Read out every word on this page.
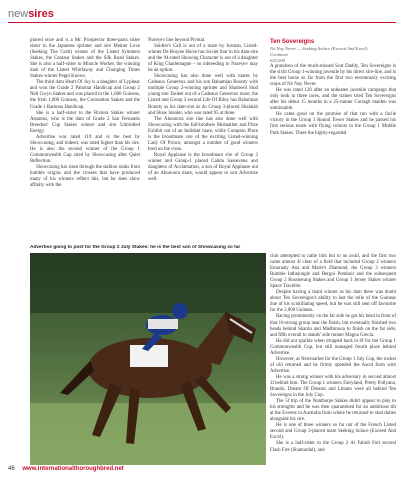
newsires

placed once and is a Mr. Prospector three-parts sister sister to the Japanese sprinter and sire Meiner Love (Seeking The Gold) winner of the Listed Symmers Stakes, the Centaur Stakes and the Silk Road Stakes. She is also a half-sister to Miracle Worker, the winning dam of the Listed Whirlaway and Chunging Times Stakes winner Peppi Knows.

The third dam Heart Of Joy is a daughter of Lyphear and won the Grade 2 Palomar Handicap and Group 2 Nell Gwyn Stakes and was placed in the 1,000 Guineas, the Irish 1,000 Guineas, the Coronation Stakes and the Grade 1 Ramona Handicap.

She is a half-sister to the Riviera Stakes winner Atsantos, who is the dam of Grade 2 San Fernando Breeders' Cup Stakes winner and sire Unbridled Energy.

Advertise was rated 119 and is the best by Showcasing, and indeed, was rated higher than his sire. He is also the second winner of the Group 1 Commonwealth Cup sired by Showcasing after Quiet Reflection.

Showcasing has risen through the stallion ranks from humble origins and the crosses that have produced many of his winners reflect this, but he does show affinity with the

Nureyev line beyond Pivotal.

Soldier's Call is out of a mare by Iceman, Listed-winner De Bruyne Horse has Soviet Star in his dam-sire and the 94-rated Showing Character is out of a daughter of King Charlemagne – so inbreeding to Nureyev may be an option.

Showcasing has also done well with mares by Cadeaux Genereux and his son Bahamian Bounty with multiple Group 2-winning sprinter and Shadwell Stud young sire Tasleet out of a Cadeaux Genereux mare, the Listed and Group 3 second Life Of Riley has Bahamian Bounty as his dam-sire as do Group 3-placed Shalaiah and Shaw Stealer, who was rated 95 at three.

The Ahonoora sire line has also done well with Showcasing with the full-brothers Mohaather and Prize Exhibit out of an Indidant mare, while Compton Place is the broodmare sire of the exciting Listed-winning Lady Of Princo, amongst a number of good winners bred on the cross.

Royal Applause is the broodmare sire of Group 2 winner and Group-1 placed Cabila Sasseveno and daughters of Acclamation, a son of Royal Applause out of an Ahonoora mare, would appear to suit Advertise well.

Ten Sovereigns
No Nay Never — Seeking Solace (Exceed And Excel)
Coolmore
€25,000

A grandson of the much-missed Scat Daddy, Ten Sovereigns is the sixth Group 1-winning juvenile by his direct sire-line, and is the best horse so far from the first two enormously exciting crops of No Nay Never.

He was rated 120 after an unbeaten juvenile campaign that only took in three races, and the trainer tried Ten Sovereigns after his debut 15 months in a 25-runner Curragh maiden was unmissable.

He came good on the promise of that run with a facile victory in the Group 3 Round Tower Stakes and he passed his first serious exam with flying colours in the Group 1 Middle Park Stakes. There the highly-regarded

club attempted to rattle him but to no avail, and the first two came almost 4l clear of a field that included Group 2 winners Emaraaty Ana and Marie's Diamond, the Group 3 winners Rumble Inthejungle and Bergoi Pomboir and the subsequent Group 2 Boomerang Stakes and Group 3 Jersey Stakes winner Space Traveller.

Despite having a maid winner as his dam there was doubt about Ten Sovereigns's ability to last the mile of the Guineas due of his scintillating speed, but he was still sent off favourite for the 2,000 Guineas.

Racing prominently on the far side he got his head in front of that 16-strong group near the finish, but eventually finished two heads behind Skardu and Madhmoun to finish on the far side, and fifth overall to stands' side runner Magna Grecia.

He did not sparkle when dropped back to 6f for the Group 1 Commonwealth Cup, but still managed fourth place behind Advertise.

However, at Newmarket for the Group 1 July Cup, the rocket of old returned and he firmly upended the Ascot form with Advertise.

He was a strong winner with his adversary in second almost 3l behind him. The Group 1 winners Fairyland, Pretty Pollyana, Brando, Dream Of Dreams and Limato were all behind Ten Sovereigns in the July Cup.

The 5f trip of the Nunthorpe Stakes didn't appear to play to his strengths and he was then quarantined for an ambitious tilt at the Everest in Australia from where he returned to stud duties alongside his sire.

He is one of three winners so far out of the French Listed second and Group 3-placed mare Seeking Solace (Exceed And Excel).

She is a half-sister to the Group 2 Al Fahidi Fort second Flash Fire (Shamardal), and

Advertise going to post for the Group 2 July Stakes: he is the best son of Showcasing so far
46 www.internationalthoroughbred.net
